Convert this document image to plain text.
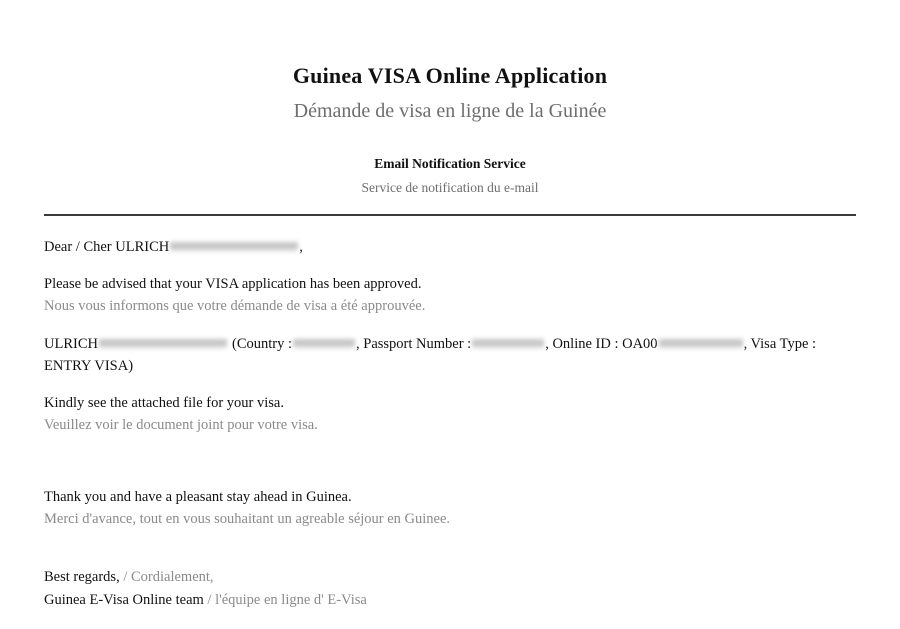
Guinea VISA Online Application
Démande de visa en ligne de la Guinée
Email Notification Service
Service de notification du e-mail
Dear / Cher ULRICH	,
Please be advised that your VISA application has been approved.
Nous vous informons que votre démande de visa a été approuvée.
ULRICH	(Country :	, Passport Number :	, Online ID : OA00	, Visa Type : ENTRY VISA)
Kindly see the attached file for your visa.
Veuillez voir le document joint pour votre visa.
Thank you and have a pleasant stay ahead in Guinea.
Merci d'avance, tout en vous souhaitant un agreable séjour en Guinee.
Best regards, / Cordialement,
Guinea E-Visa Online team / l'équipe en ligne d' E-Visa
